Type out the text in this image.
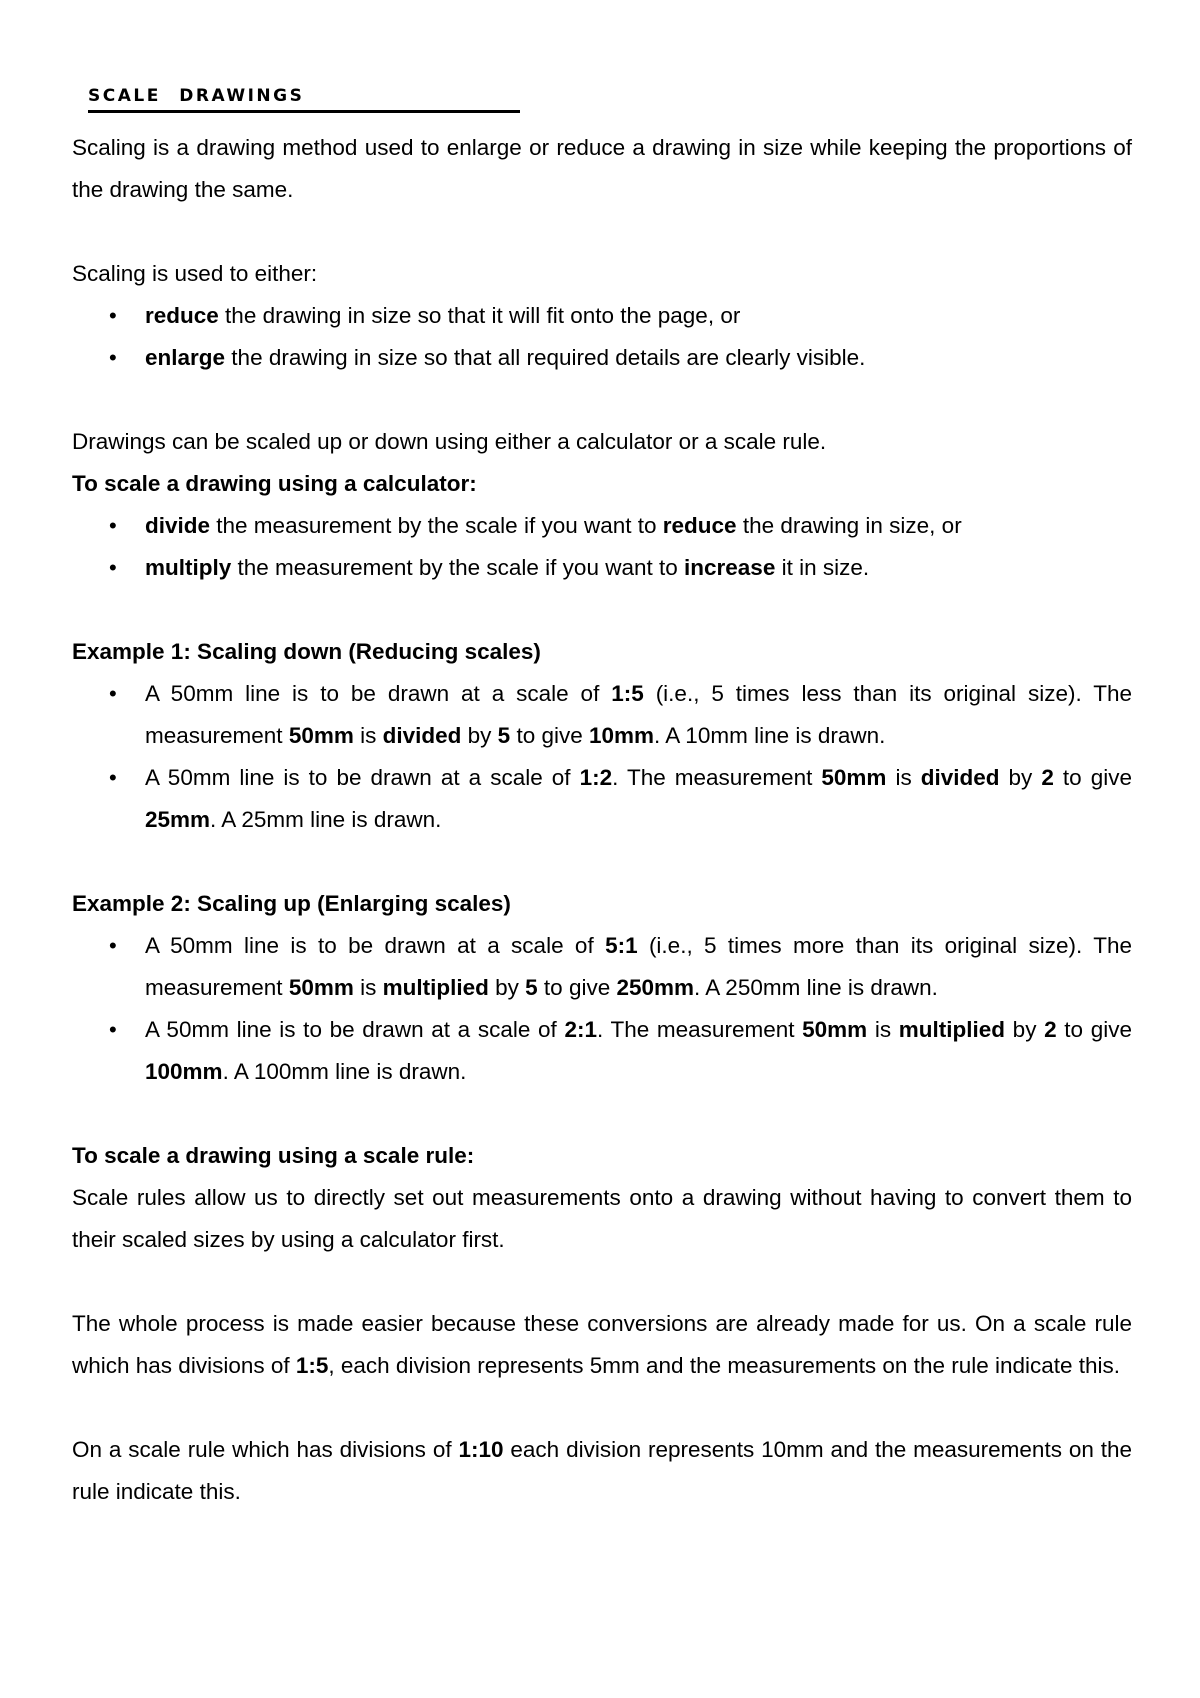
SCALE DRAWINGS

Scaling is a drawing method used to enlarge or reduce a drawing in size while keeping the proportions of the drawing the same.

Scaling is used to either:

• reduce the drawing in size so that it will fit onto the page, or
• enlarge the drawing in size so that all required details are clearly visible.

Drawings can be scaled up or down using either a calculator or a scale rule.

To scale a drawing using a calculator:

• divide the measurement by the scale if you want to reduce the drawing in size, or
• multiply the measurement by the scale if you want to increase it in size.

Example 1: Scaling down (Reducing scales)

• A 50mm line is to be drawn at a scale of 1:5 (i.e., 5 times less than its original size). The measurement 50mm is divided by 5 to give 10mm. A 10mm line is drawn.
• A 50mm line is to be drawn at a scale of 1:2. The measurement 50mm is divided by 2 to give 25mm. A 25mm line is drawn.

Example 2: Scaling up (Enlarging scales)

• A 50mm line is to be drawn at a scale of 5:1 (i.e., 5 times more than its original size). The measurement 50mm is multiplied by 5 to give 250mm. A 250mm line is drawn.
• A 50mm line is to be drawn at a scale of 2:1. The measurement 50mm is multiplied by 2 to give 100mm. A 100mm line is drawn.

To scale a drawing using a scale rule:

Scale rules allow us to directly set out measurements onto a drawing without having to convert them to their scaled sizes by using a calculator first.

The whole process is made easier because these conversions are already made for us. On a scale rule which has divisions of 1:5, each division represents 5mm and the measurements on the rule indicate this.

On a scale rule which has divisions of 1:10 each division represents 10mm and the measurements on the rule indicate this.
